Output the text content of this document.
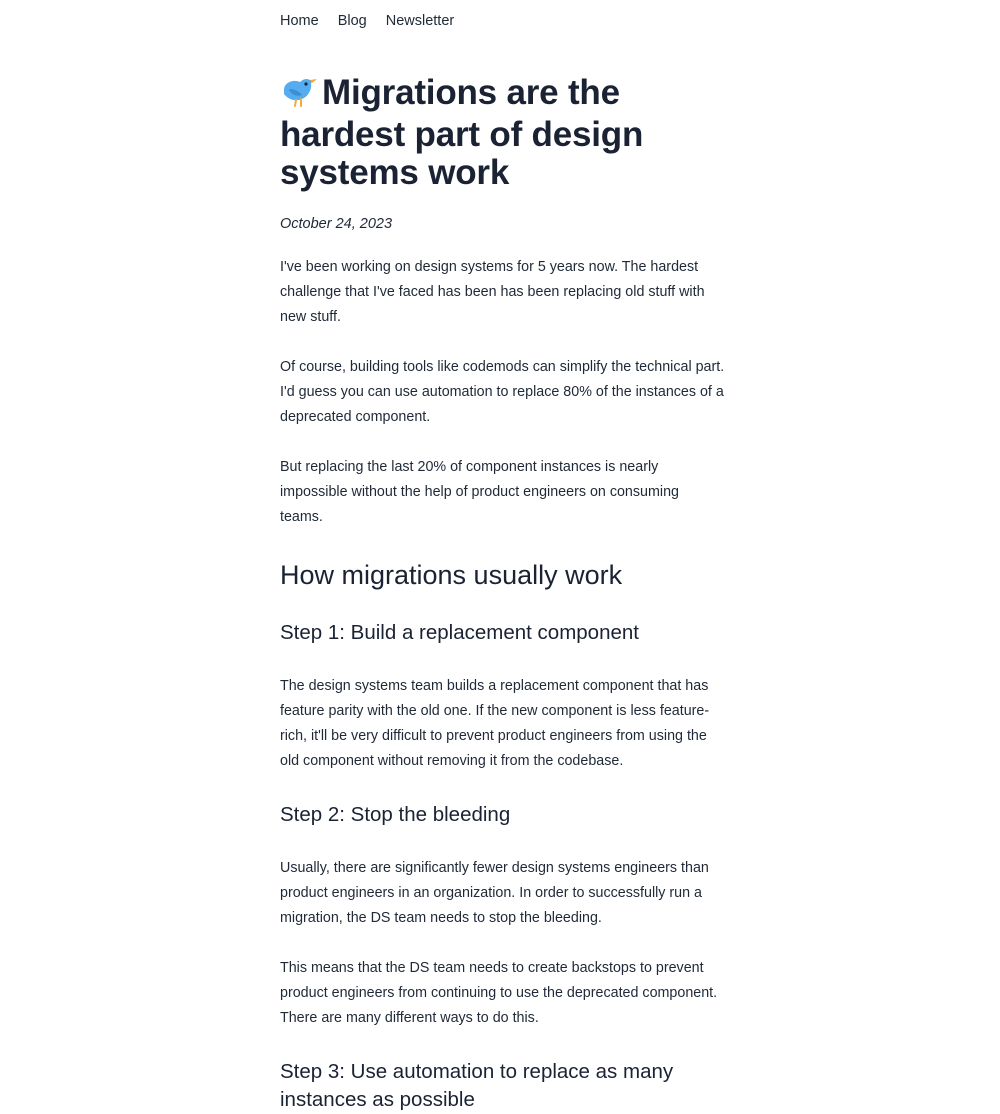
Home Blog Newsletter
Migrations are the hardest part of design systems work
October 24, 2023

I've been working on design systems for 5 years now. The hardest challenge that I've faced has been has been replacing old stuff with new stuff.

Of course, building tools like codemods can simplify the technical part. I'd guess you can use automation to replace 80% of the instances of a deprecated component.

But replacing the last 20% of component instances is nearly impossible without the help of product engineers on consuming teams.

How migrations usually work
Step 1: Build a replacement component

The design systems team builds a replacement component that has feature parity with the old one. If the new component is less feature-rich, it'll be very difficult to prevent product engineers from using the old component without removing it from the codebase.

Step 2: Stop the bleeding

Usually, there are significantly fewer design systems engineers than product engineers in an organization. In order to successfully run a migration, the DS team needs to stop the bleeding.

This means that the DS team needs to create backstops to prevent product engineers from continuing to use the deprecated component. There are many different ways to do this.

Step 3: Use automation to replace as many instances as possible
